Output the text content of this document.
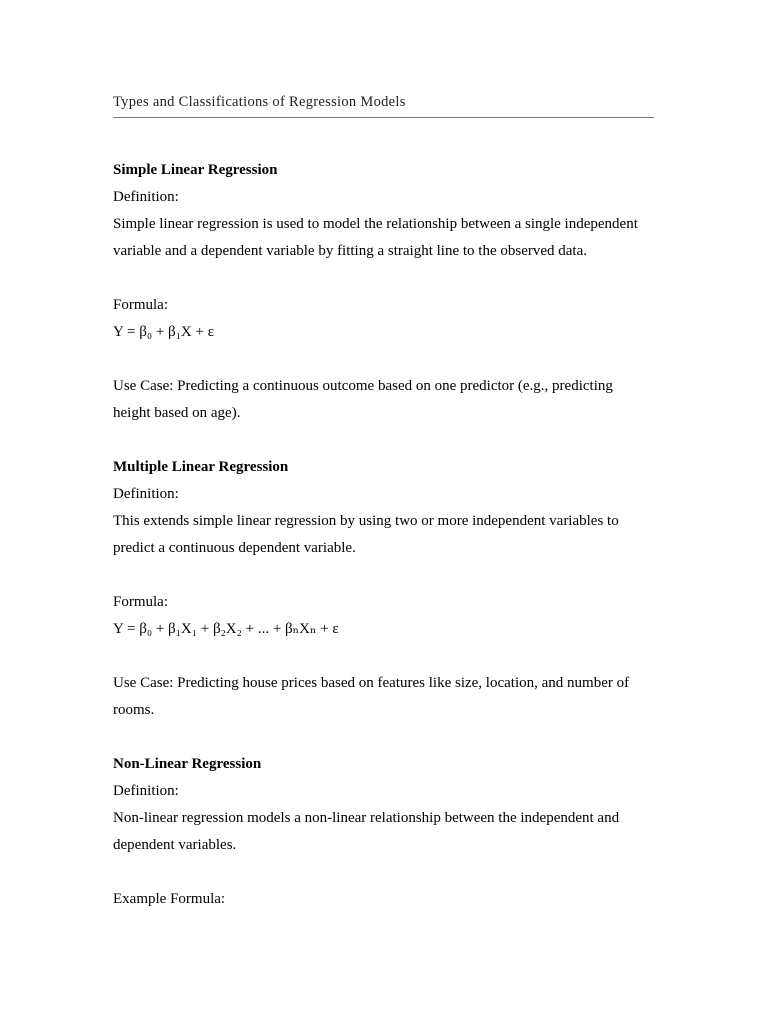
Types and Classifications of Regression Models

Simple Linear Regression

Definition:

Simple linear regression is used to model the relationship between a single independent

variable and a dependent variable by fitting a straight line to the observed data.

Formula:

Y = β₀ + β₁X + ε

Use Case: Predicting a continuous outcome based on one predictor (e.g., predicting

height based on age).

Multiple Linear Regression

Definition:

This extends simple linear regression by using two or more independent variables to

predict a continuous dependent variable.

Formula:

Y = β₀ + β₁X₁ + β₂X₂ + ... + βₙXₙ + ε

Use Case: Predicting house prices based on features like size, location, and number of

rooms.

Non-Linear Regression

Definition:

Non-linear regression models a non-linear relationship between the independent and

dependent variables.

Example Formula:
